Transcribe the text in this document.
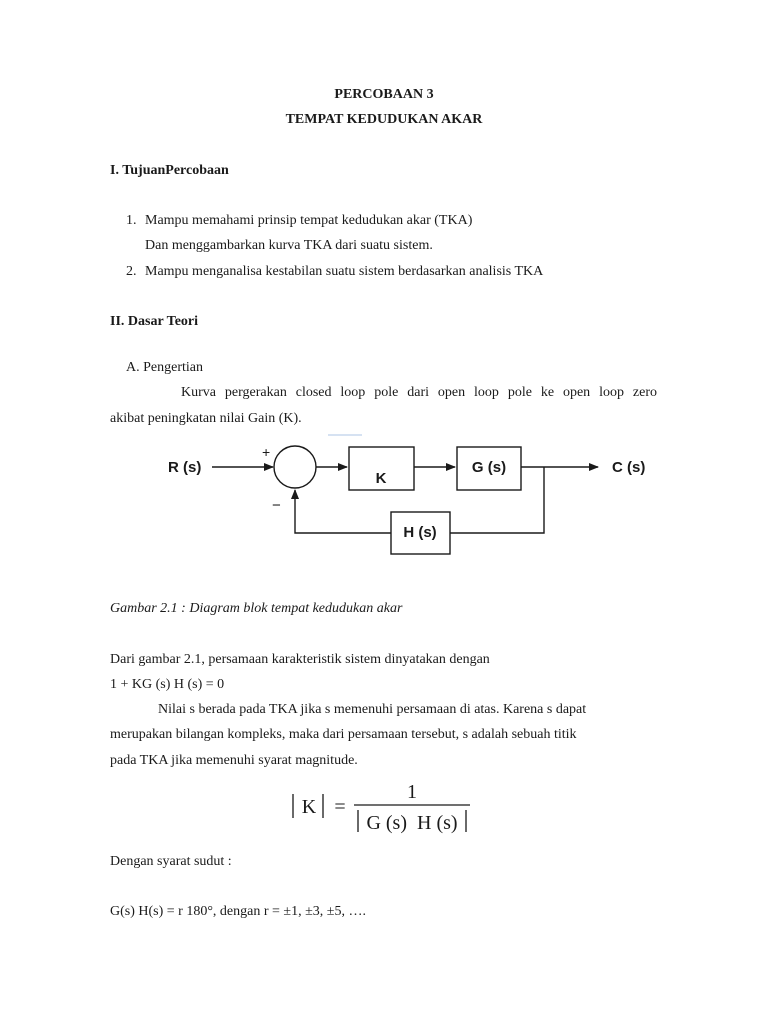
PERCOBAAN 3
TEMPAT KEDUDUKAN AKAR
I. TujuanPercobaan
1. Mampu memahami prinsip tempat kedudukan akar (TKA)
Dan menggambarkan kurva TKA dari suatu sistem.
2. Mampu menganalisa kestabilan suatu sistem berdasarkan analisis TKA
II. Dasar Teori
A. Pengertian
Kurva pergerakan closed loop pole dari open loop pole ke open loop zero
akibat peningkatan nilai Gain (K).
R (s)
+
K
G (s)	C (s)
H (s)
−
Gambar 2.1 : Diagram blok tempat kedudukan akar
Dari gambar 2.1, persamaan karakteristik sistem dinyatakan dengan
1 + KG (s) H (s) = 0
Nilai s berada pada TKA jika s memenuhi persamaan di atas. Karena s dapat
merupakan bilangan kompleks, maka dari persamaan tersebut, s adalah sebuah titik
pada TKA jika memenuhi syarat magnitude.
K =
1
G (s)  H (s)
Dengan syarat sudut :
G(s) H(s) = r 180°, dengan r = ±1, ±3, ±5, ….
